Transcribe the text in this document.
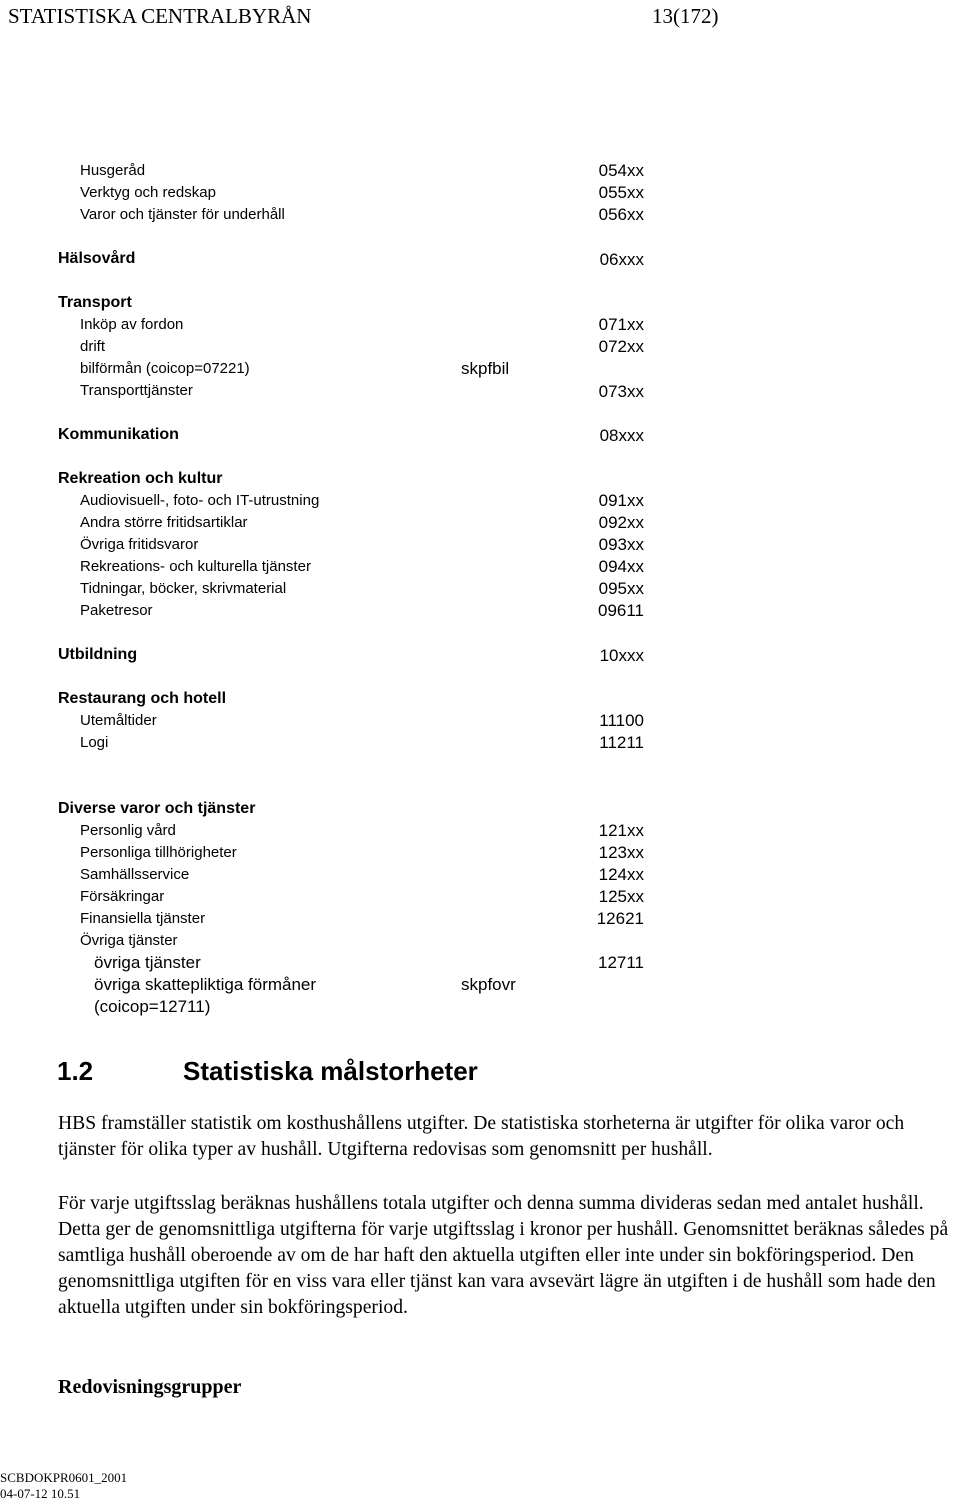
STATISTISKA CENTRALBYRÅN	13(172)
Husgeråd	054xx
Verktyg och redskap	055xx
Varor och tjänster för underhåll	056xx
Hälsovård	06xxx
Transport
Inköp av fordon	071xx
drift	072xx
bilförmån (coicop=07221)	skpfbil
Transporttjänster	073xx
Kommunikation	08xxx
Rekreation och kultur
Audiovisuell-, foto- och IT-utrustning	091xx
Andra större fritidsartiklar	092xx
Övriga fritidsvaror	093xx
Rekreations- och kulturella tjänster	094xx
Tidningar, böcker, skrivmaterial	095xx
Paketresor	09611
Utbildning	10xxx
Restaurang och hotell
Utemåltider	11100
Logi	11211
Diverse varor och tjänster
Personlig vård	121xx
Personliga tillhörigheter	123xx
Samhällsservice	124xx
Försäkringar	125xx
Finansiella tjänster	12621
Övriga tjänster
övriga tjänster	12711
övriga skattepliktiga förmåner	skpfovr
(coicop=12711)
1.2	Statistiska målstorheter
HBS framställer statistik om kosthushållens utgifter. De statistiska storheterna är utgifter för olika varor och tjänster för olika typer av hushåll. Utgifterna redovisas som genomsnitt per hushåll.
För varje utgiftsslag beräknas hushållens totala utgifter och denna summa divideras sedan med antalet hushåll. Detta ger de genomsnittliga utgifterna för varje utgiftsslag i kronor per hushåll. Genomsnittet beräknas således på samtliga hushåll oberoende av om de har haft den aktuella utgiften eller inte under sin bokföringsperiod. Den genomsnittliga utgiften för en viss vara eller tjänst kan vara avsevärt lägre än utgiften i de hushåll som hade den aktuella utgiften under sin bokföringsperiod.
Redovisningsgrupper
SCBDOKPR0601_2001
04-07-12 10.51
